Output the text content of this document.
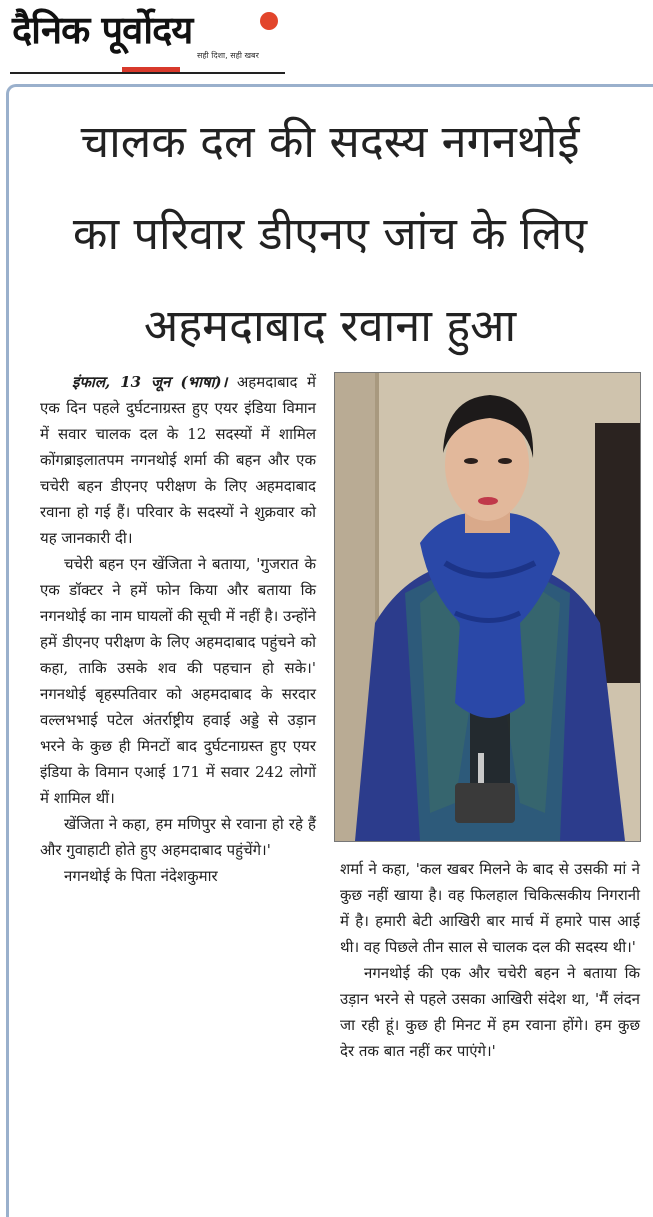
दैनिक पूर्वोदय
सही दिशा, सही खबर
चालक दल की सदस्य नगनथोई
का परिवार डीएनए जांच के लिए
अहमदाबाद रवाना हुआ

इंफाल, 13 जून (भाषा)। अहमदाबाद में एक दिन पहले दुर्घटनाग्रस्त हुए एयर इंडिया विमान में सवार चालक दल के 12 सदस्यों में शामिल कोंगब्राइलातपम नगनथोई शर्मा की बहन और एक चचेरी बहन डीएनए परीक्षण के लिए अहमदाबाद रवाना हो गई हैं। परिवार के सदस्यों ने शुक्रवार को यह जानकारी दी।

चचेरी बहन एन खेंजिता ने बताया, 'गुजरात के एक डॉक्टर ने हमें फोन किया और बताया कि नगनथोई का नाम घायलों की सूची में नहीं है। उन्होंने हमें डीएनए परीक्षण के लिए अहमदाबाद पहुंचने को कहा, ताकि उसके शव की पहचान हो सके।' नगनथोई बृहस्पतिवार को अहमदाबाद के सरदार वल्लभभाई पटेल अंतर्राष्ट्रीय हवाई अड्डे से उड़ान भरने के कुछ ही मिनटों बाद दुर्घटनाग्रस्त हुए एयर इंडिया के विमान एआई 171 में सवार 242 लोगों में शामिल थीं।

खेंजिता ने कहा, हम मणिपुर से रवाना हो रहे हैं और गुवाहाटी होते हुए अहमदाबाद पहुंचेंगे।'

नगनथोई के पिता नंदेशकुमार	शर्मा ने कहा, 'कल खबर मिलने के बाद से उसकी मां ने कुछ नहीं खाया है। वह फिलहाल चिकित्सकीय निगरानी में है। हमारी बेटी आखिरी बार मार्च में हमारे पास आई थी। वह पिछले तीन साल से चालक दल की सदस्य थी।'

नगनथोई की एक और चचेरी बहन ने बताया कि उड़ान भरने से पहले उसका आखिरी संदेश था, 'मैं लंदन जा रही हूं। कुछ ही मिनट में हम रवाना होंगे। हम कुछ देर तक बात नहीं कर पाएंगे।'
